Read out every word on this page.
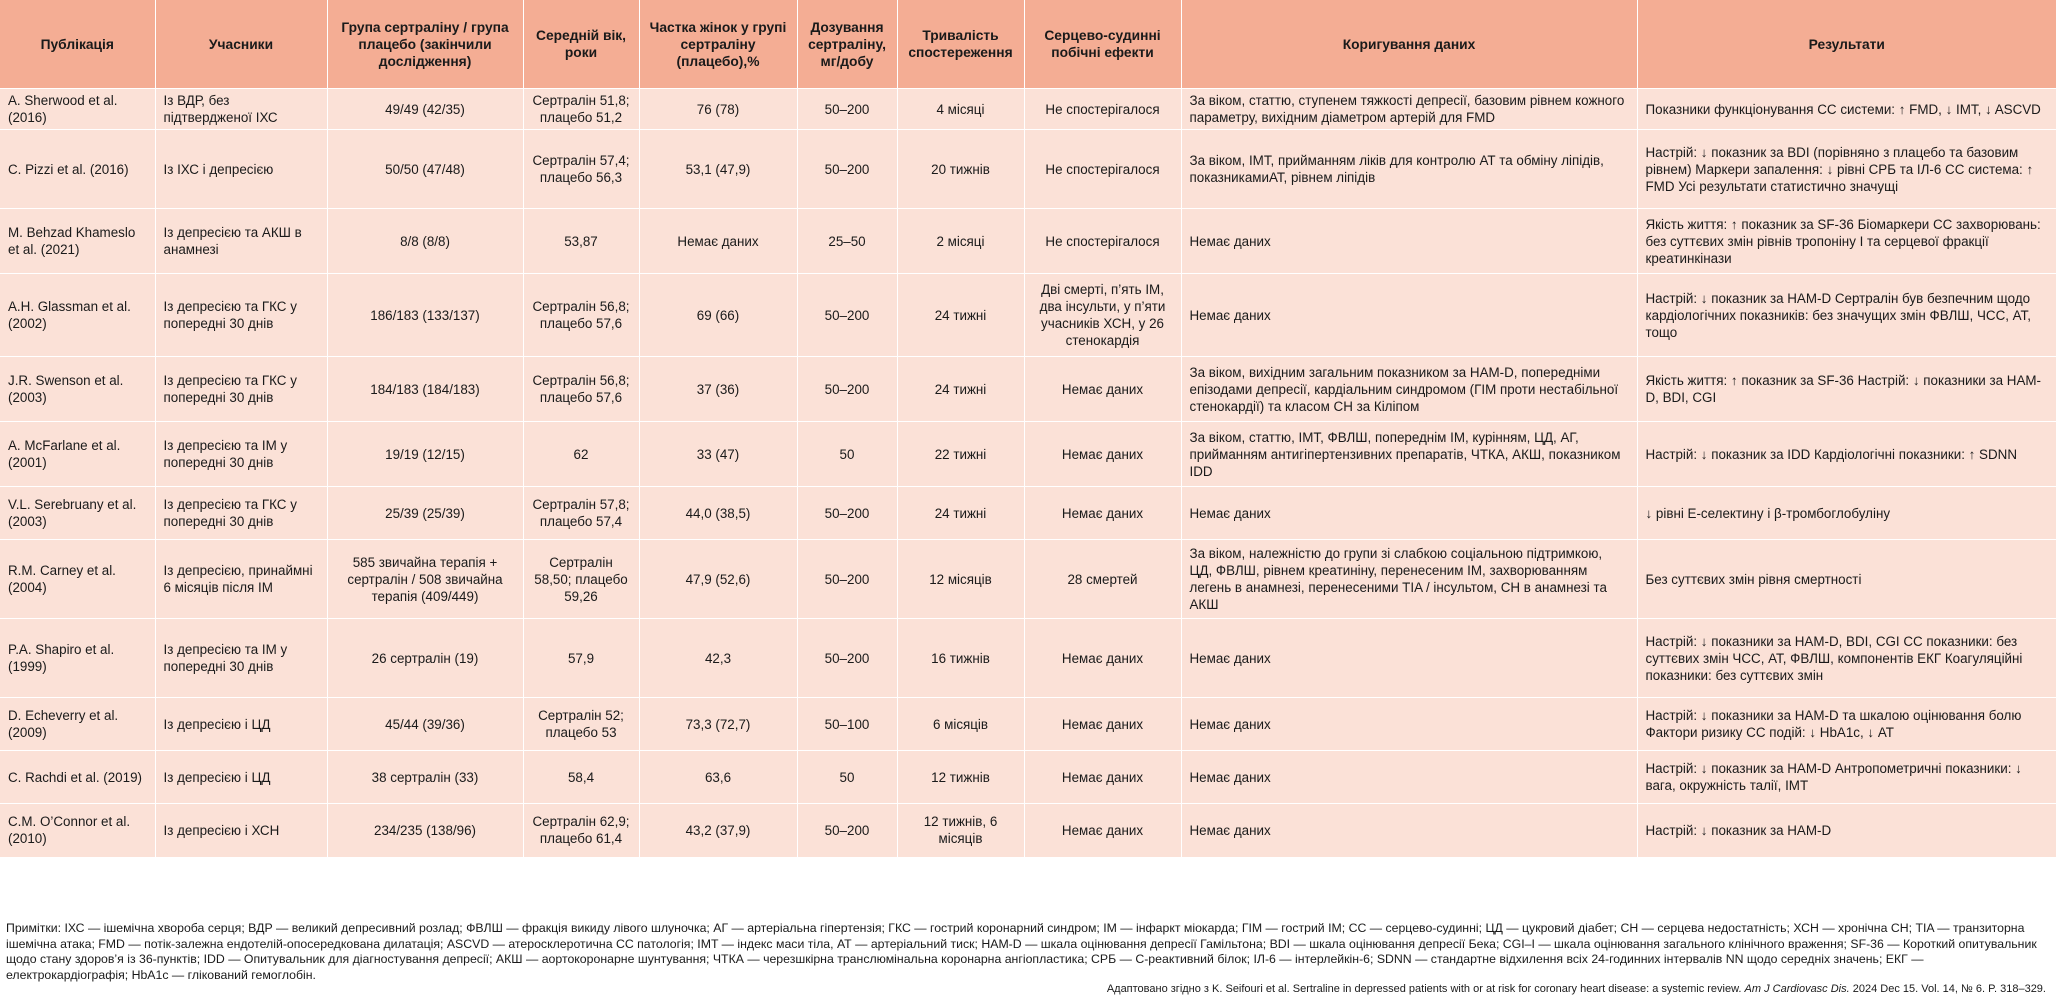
Публікація	Учасники	Група сертраліну / група плацебо (закінчили дослідження)	Середній вік, роки	Частка жінок у групі сертраліну (плацебо),%	Дозування сертраліну, мг/добу	Тривалість спостереження	Серцево-судинні побічні ефекти	Коригування даних	Результати
A. Sherwood et al. (2016)	Із ВДР, без підтвердженої ІХС	49/49 (42/35)	Сертралін 51,8; плацебо 51,2	76 (78)	50–200	4 місяці	Не спостерігалося	За віком, статтю, ступенем тяжкості депресії, базовим рівнем кожного параметру, вихідним діаметром артерій для FMD	Показники функціонування СС системи: ↑ FMD, ↓ IMT, ↓ ASCVD
C. Pizzi et al. (2016)	Із ІХС і депресією	50/50 (47/48)	Сертралін 57,4; плацебо 56,3	53,1 (47,9)	50–200	20 тижнів	Не спостерігалося	За віком, IMT, прийманням ліків для контролю АТ та обміну ліпідів, показникамиАТ, рівнем ліпідів	Настрій: ↓ показник за BDI (порівняно з плацебо та базовим рівнем) Маркери запалення: ↓ рівні СРБ та ІЛ-6 СС система: ↑ FMD Усі результати статистично значущі
M. Behzad Khameslo et al. (2021)	Із депресією та АКШ в анамнезі	8/8 (8/8)	53,87	Немає даних	25–50	2 місяці	Не спостерігалося	Немає даних	Якість життя: ↑ показник за SF-36 Біомаркери СС захворювань: без суттєвих змін рівнів тропоніну I та серцевої фракції креатинкінази
A.H. Glassman et al. (2002)	Із депресією та ГКС у попередні 30 днів	186/183 (133/137)	Сертралін 56,8; плацебо 57,6	69 (66)	50–200	24 тижні	Дві смерті, п’ять ІМ, два інсульти, у п’яти учасників ХСН, у 26 стенокардія	Немає даних	Настрій: ↓ показник за HAM-D Сертралін був безпечним щодо кардіологічних показників: без значущих змін ФВЛШ, ЧСС, АТ, тощо
J.R. Swenson et al. (2003)	Із депресією та ГКС у попередні 30 днів	184/183 (184/183)	Сертралін 56,8; плацебо 57,6	37 (36)	50–200	24 тижні	Немає даних	За віком, вихідним загальним показником за HAM-D, попередніми епізодами депресії, кардіальним синдромом (ГІМ проти нестабільної стенокардії) та класом СН за Кіліпом	Якість життя: ↑ показник за SF-36 Настрій: ↓ показники за HAM-D, BDI, CGI
A. McFarlane et al. (2001)	Із депресією та ІМ у попередні 30 днів	19/19 (12/15)	62	33 (47)	50	22 тижні	Немає даних	За віком, статтю, ІМТ, ФВЛШ, попереднім ІМ, курінням, ЦД, АГ, прийманням антигіпертензивних препаратів, ЧТКА, АКШ, показником IDD	Настрій: ↓ показник за IDD Кардіологічні показники: ↑ SDNN
V.L. Serebruany et al. (2003)	Із депресією та ГКС у попередні 30 днів	25/39 (25/39)	Сертралін 57,8; плацебо 57,4	44,0 (38,5)	50–200	24 тижні	Немає даних	Немає даних	↓ рівні Е-селектину і β-тромбоглобуліну
R.M. Carney et al. (2004)	Із депресією, принаймні 6 місяців після ІМ	585 звичайна терапія + сертралін / 508 звичайна терапія (409/449)	Сертралін 58,50; плацебо 59,26	47,9 (52,6)	50–200	12 місяців	28 смертей	За віком, належністю до групи зі слабкою соціальною підтримкою, ЦД, ФВЛШ, рівнем креатиніну, перенесеним ІМ, захворюванням легень в анамнезі, перенесеними TIA / інсультом, СН в анамнезі та АКШ	Без суттєвих змін рівня смертності
P.A. Shapiro et al. (1999)	Із депресією та ІМ у попередні 30 днів	26 сертралін (19)	57,9	42,3	50–200	16 тижнів	Немає даних	Немає даних	Настрій: ↓ показники за HAM-D, BDI, CGI СС показники: без суттєвих змін ЧСС, АТ, ФВЛШ, компонентів ЕКГ Коагуляційні показники: без суттєвих змін
D. Echeverry et al. (2009)	Із депресією і ЦД	45/44 (39/36)	Сертралін 52; плацебо 53	73,3 (72,7)	50–100	6 місяців	Немає даних	Немає даних	Настрій: ↓ показники за HAM-D та шкалою оцінювання болю Фактори ризику СС подій: ↓ HbA1c, ↓ АТ
C. Rachdi et al. (2019)	Із депресією і ЦД	38 сертралін (33)	58,4	63,6	50	12 тижнів	Немає даних	Немає даних	Настрій: ↓ показник за HAM-D Антропометричні показники: ↓ вага, окружність талії, ІМТ
C.M. O’Connor et al. (2010)	Із депресією і ХСН	234/235 (138/96)	Сертралін 62,9; плацебо 61,4	43,2 (37,9)	50–200	12 тижнів, 6 місяців	Немає даних	Немає даних	Настрій: ↓ показник за HAM-D
Примітки: ІХС — ішемічна хвороба серця; ВДР — великий депресивний розлад; ФВЛШ — фракція викиду лівого шлуночка; АГ — артеріальна гіпертензія; ГКС — гострий коронарний синдром; ІМ — інфаркт міокарда; ГІМ — гострий ІМ; СС — серцево-судинні; ЦД — цукровий діабет; СН — серцева недостатність; ХСН — хронічна СН; TIA — транзиторна ішемічна атака; FMD — потік-залежна ендотелій-опосередкована дилатація; ASCVD — атеросклеротична СС патологія; IMT — індекс маси тіла, АТ — артеріальний тиск; HAM-D — шкала оцінювання депресії Гамільтона; BDI — шкала оцінювання депресії Бека; CGI–I — шкала оцінювання загального клінічного враження; SF-36 — Короткий опитувальник щодо стану здоров’я із 36-пунктів; IDD — Опитувальник для діагностування депресії; АКШ — аортокоронарне шунтування; ЧТКА — черезшкірна транслюмінальна коронарна ангіопластика; СРБ — С-реактивний білок; ІЛ-6 — інтерлейкін-6; SDNN — стандартне відхилення всіх 24-годинних інтервалів NN щодо середніх значень; ЕКГ — електрокардіографія; HbA1c — глікований гемоглобін.
Адаптовано згідно з K. Seifouri et al. Sertraline in depressed patients with or at risk for coronary heart disease: a systemic review. Am J Cardiovasc Dis. 2024 Dec 15. Vol. 14, № 6. P. 318–329.
